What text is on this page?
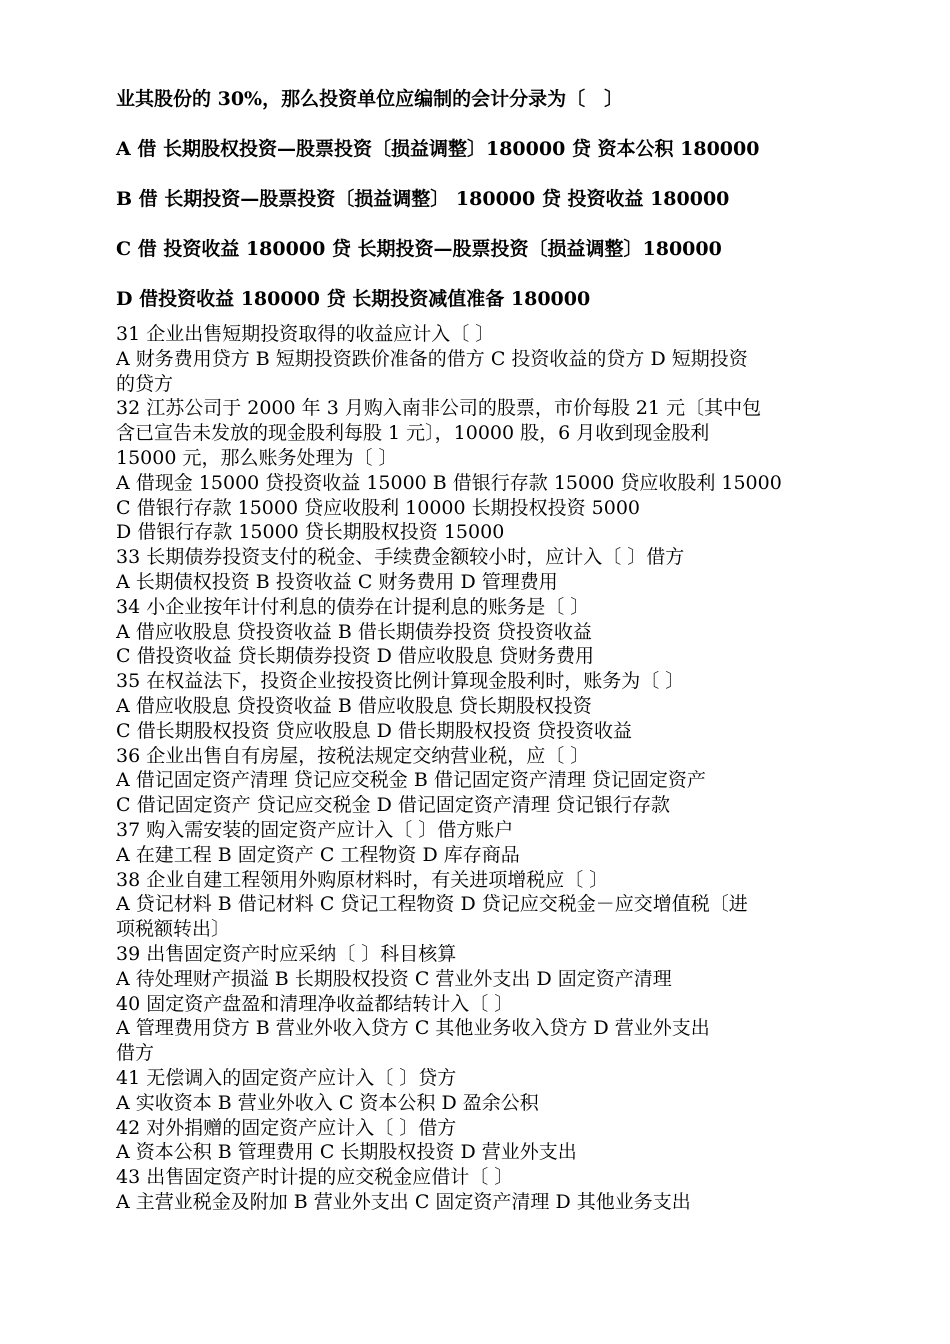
业其股份的 30%，那么投资单位应编制的会计分录为〔　〕
A 借 长期股权投资—股票投资〔损益调整〕180000 贷 资本公积 180000
B 借 长期投资—股票投资〔损益调整〕 180000 贷 投资收益 180000
C 借 投资收益 180000 贷 长期投资—股票投资〔损益调整〕180000
D 借投资收益 180000 贷 长期投资减值准备 180000
31 企业出售短期投资取得的收益应计入〔 〕
A 财务费用贷方 B 短期投资跌价准备的借方 C 投资收益的贷方 D 短期投资
的贷方
32 江苏公司于 2000 年 3 月购入南非公司的股票，市价每股 21 元〔其中包
含已宣告未发放的现金股利每股 1 元〕，10000 股，6 月收到现金股利
15000 元，那么账务处理为〔 〕
A 借现金 15000 贷投资收益 15000 B 借银行存款 15000 贷应收股利 15000
C 借银行存款 15000 贷应收股利 10000 长期投权投资 5000
D 借银行存款 15000 贷长期股权投资 15000
33 长期债券投资支付的税金、手续费金额较小时，应计入〔 〕借方
A 长期债权投资 B 投资收益 C 财务费用 D 管理费用
34 小企业按年计付利息的债券在计提利息的账务是〔 〕
A 借应收股息 贷投资收益 B 借长期债券投资 贷投资收益
C 借投资收益 贷长期债券投资 D 借应收股息 贷财务费用
35 在权益法下，投资企业按投资比例计算现金股利时，账务为〔 〕
A 借应收股息 贷投资收益 B 借应收股息 贷长期股权投资
C 借长期股权投资 贷应收股息 D 借长期股权投资 贷投资收益
36 企业出售自有房屋，按税法规定交纳营业税，应〔 〕
A 借记固定资产清理 贷记应交税金 B 借记固定资产清理 贷记固定资产
C 借记固定资产 贷记应交税金 D 借记固定资产清理 贷记银行存款
37 购入需安装的固定资产应计入〔 〕借方账户
A 在建工程 B 固定资产 C 工程物资 D 库存商品
38 企业自建工程领用外购原材料时，有关进项增税应〔 〕
A 贷记材料 B 借记材料 C 贷记工程物资 D 贷记应交税金－应交增值税〔进
项税额转出〕
39 出售固定资产时应采纳〔 〕科目核算
A 待处理财产损溢 B 长期股权投资 C 营业外支出 D 固定资产清理
40 固定资产盘盈和清理净收益都结转计入〔 〕
A 管理费用贷方 B 营业外收入贷方 C 其他业务收入贷方 D 营业外支出
借方
41 无偿调入的固定资产应计入〔 〕贷方
A 实收资本 B 营业外收入 C 资本公积 D 盈余公积
42 对外捐赠的固定资产应计入〔 〕借方
A 资本公积 B 管理费用 C 长期股权投资 D 营业外支出
43 出售固定资产时计提的应交税金应借计〔 〕
A 主营业税金及附加 B 营业外支出 C 固定资产清理 D 其他业务支出
